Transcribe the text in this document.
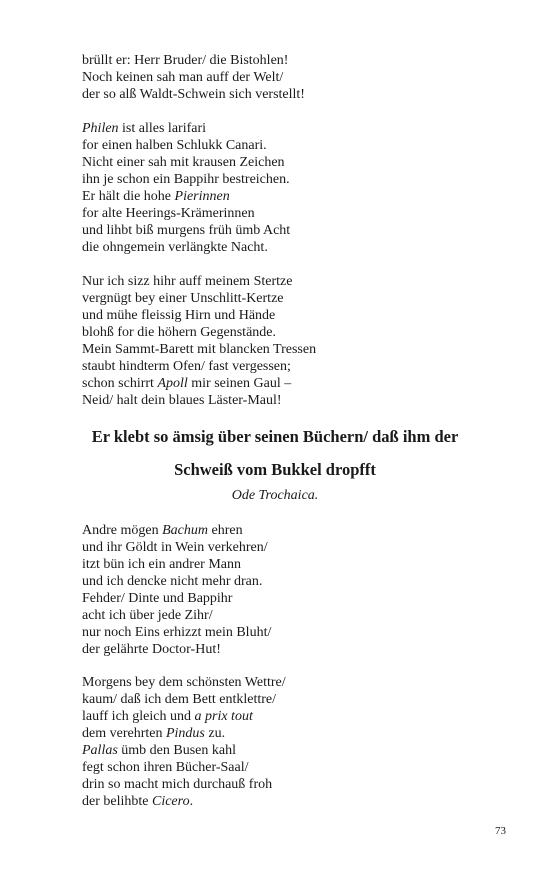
brüllt er: Herr Bruder/ die Bistohlen!
Noch keinen sah man auff der Welt/
der so alß Waldt-Schwein sich verstellt!
Philen ist alles larifari
for einen halben Schlukk Canari.
Nicht einer sah mit krausen Zeichen
ihn je schon ein Bappihr bestreichen.
Er hält die hohe Pierinnen
for alte Heerings-Krämerinnen
und lihbt biß murgens früh ümb Acht
die ohngemein verlängkte Nacht.
Nur ich sizz hihr auff meinem Stertze
vergnügt bey einer Unschlitt-Kertze
und mühe fleissig Hirn und Hände
blohß for die höhern Gegenstände.
Mein Sammt-Barett mit blancken Tressen
staubt hindterm Ofen/ fast vergessen;
schon schirrt Apoll mir seinen Gaul –
Neid/ halt dein blaues Läster-Maul!
Er klebt so ämsig über seinen Büchern/ daß ihm der
Schweiß vom Bukkel dropfft
Ode Trochaica.
Andre mögen Bachum ehren
und ihr Göldt in Wein verkehren/
itzt bün ich ein andrer Mann
und ich dencke nicht mehr dran.
Fehder/ Dinte und Bappihr
acht ich über jede Zihr/
nur noch Eins erhizzt mein Bluht/
der gelährte Doctor-Hut!
Morgens bey dem schönsten Wettre/
kaum/ daß ich dem Bett entklettre/
lauff ich gleich und a prix tout
dem verehrten Pindus zu.
Pallas ümb den Busen kahl
fegt schon ihren Bücher-Saal/
drin so macht mich durchauß froh
der belihbte Cicero.
73
